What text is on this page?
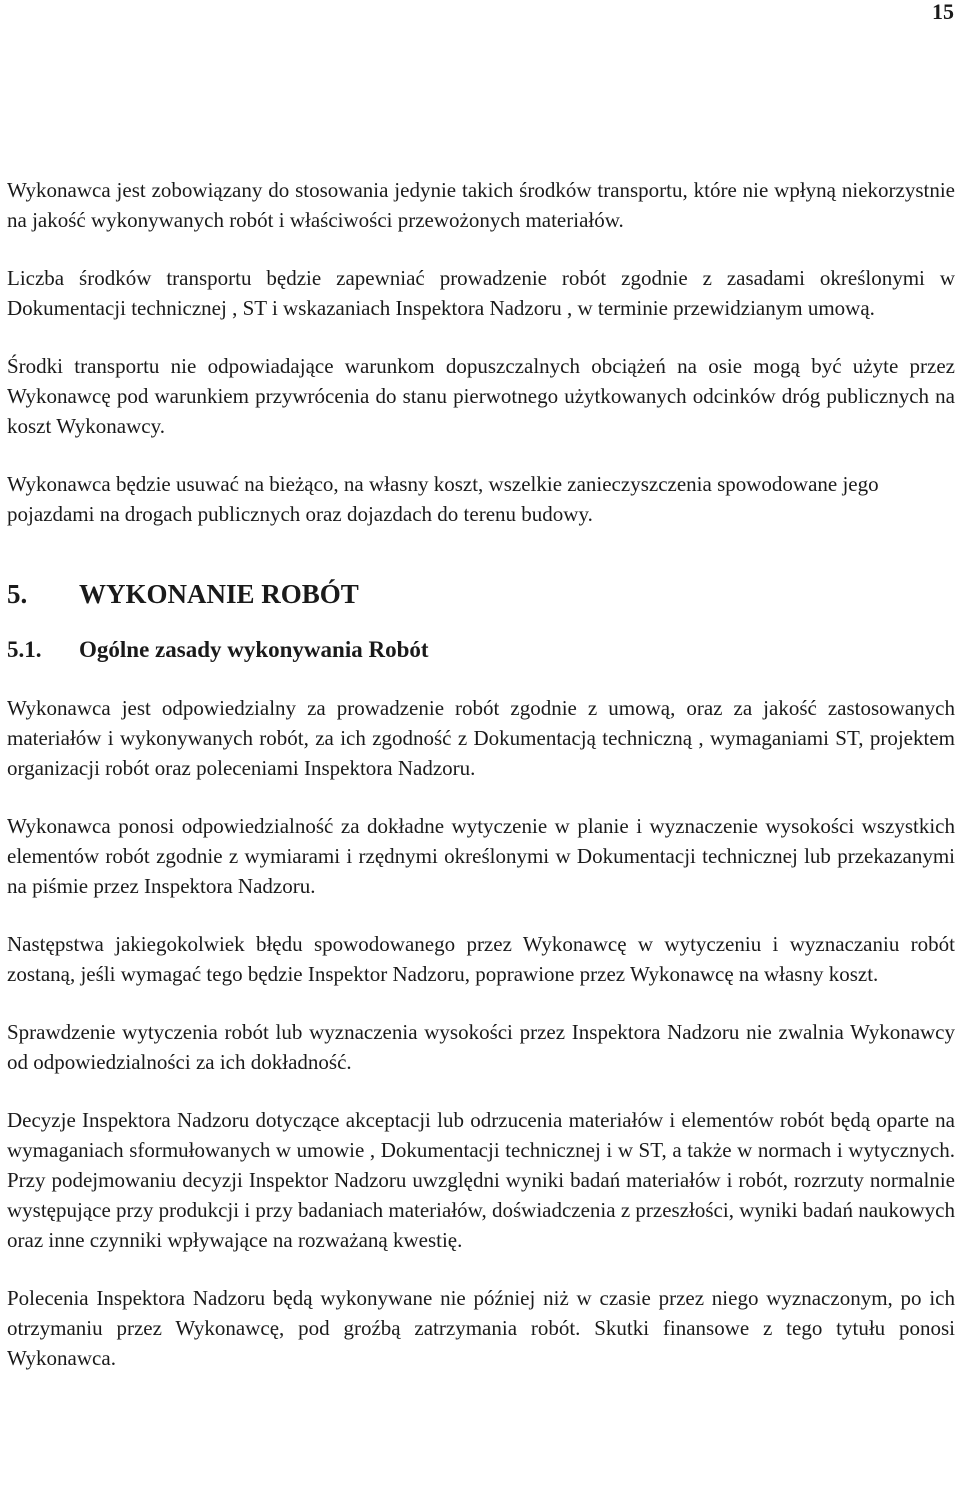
15

Wykonawca jest zobowiązany do stosowania jedynie takich środków transportu, które nie wpłyną niekorzystnie na jakość wykonywanych robót i właściwości przewożonych materiałów.

Liczba środków transportu będzie zapewniać prowadzenie robót zgodnie z zasadami określonymi w Dokumentacji technicznej , ST i wskazaniach Inspektora Nadzoru , w terminie przewidzianym umową.

Środki transportu nie odpowiadające warunkom dopuszczalnych obciążeń na osie mogą być użyte przez Wykonawcę pod warunkiem przywrócenia do stanu pierwotnego użytkowanych odcinków dróg publicznych na koszt Wykonawcy.

Wykonawca będzie usuwać na bieżąco, na własny koszt, wszelkie zanieczyszczenia spowodowane jego pojazdami na drogach publicznych oraz dojazdach do terenu budowy.

5. WYKONANIE ROBÓT
5.1. Ogólne zasady wykonywania Robót

Wykonawca jest odpowiedzialny za prowadzenie robót zgodnie z umową, oraz za jakość zastosowanych materiałów i wykonywanych robót, za ich zgodność z Dokumentacją techniczną , wymaganiami ST, projektem organizacji robót oraz poleceniami Inspektora Nadzoru.

Wykonawca ponosi odpowiedzialność za dokładne wytyczenie w planie i wyznaczenie wysokości wszystkich elementów robót zgodnie z wymiarami i rzędnymi określonymi w Dokumentacji technicznej lub przekazanymi na piśmie przez Inspektora Nadzoru.

Następstwa jakiegokolwiek błędu spowodowanego przez Wykonawcę w wytyczeniu i wyznaczaniu robót zostaną, jeśli wymagać tego będzie Inspektor Nadzoru, poprawione przez Wykonawcę na własny koszt.

Sprawdzenie wytyczenia robót lub wyznaczenia wysokości przez Inspektora Nadzoru nie zwalnia Wykonawcy od odpowiedzialności za ich dokładność.

Decyzje Inspektora Nadzoru dotyczące akceptacji lub odrzucenia materiałów i elementów robót będą oparte na wymaganiach sformułowanych w umowie , Dokumentacji technicznej i w ST, a także w normach i wytycznych. Przy podejmowaniu decyzji Inspektor Nadzoru uwzględni wyniki badań materiałów i robót, rozrzuty normalnie występujące przy produkcji i przy badaniach materiałów, doświadczenia z przeszłości, wyniki badań naukowych oraz inne czynniki wpływające na rozważaną kwestię.

Polecenia Inspektora Nadzoru będą wykonywane nie później niż w czasie przez niego wyznaczonym, po ich otrzymaniu przez Wykonawcę, pod groźbą zatrzymania robót. Skutki finansowe z tego tytułu ponosi Wykonawca.
